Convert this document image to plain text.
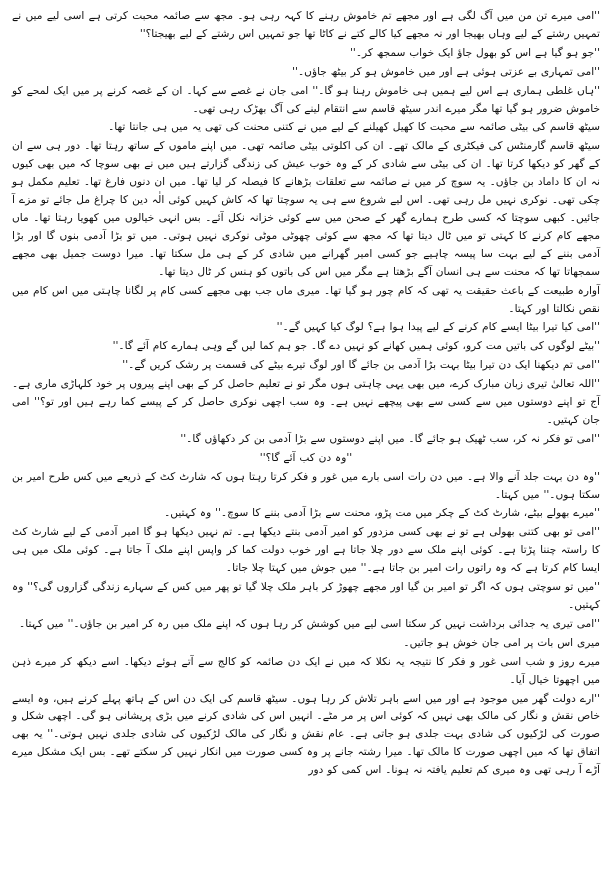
''امی میرے تن من میں آگ لگی ہے اور مجھے تم خاموش رہنے کا کہہ رہی ہو۔ مجھ سے صائمہ محبت کرتی ہے اسی لیے میں نے تمہیں رشتے کے لیے وہاں بھیجا اور نہ مجھے کیا کالے کتے نے کاٹا تھا جو تمہیں اس رشتے کے لیے بھیجتا؟''

''جو ہو گیا ہے اس کو بھول جاؤ ایک خواب سمجھ کر۔''

''امی تمہاری بے عزتی ہوئی ہے اور میں خاموش ہو کر بیٹھ جاؤں۔''

''ہاں غلطی ہماری ہے اس لیے ہمیں ہی خاموش رہنا ہو گا۔'' امی جان نے غصے سے کہا۔ ان کے غصہ کرنے پر میں ایک لمحے کو خاموش ضرور ہو گیا تھا مگر میرے اندر سیٹھ قاسم سے انتقام لینے کی آگ بھڑک رہی تھی۔

سیٹھ قاسم کی بیٹی صائمہ سے محبت کا کھیل کھیلنے کے لیے میں نے کتنی محنت کی تھی یہ میں ہی جانتا تھا۔

سیٹھ قاسم گارمنٹس کی فیکٹری کے مالک تھے۔ ان کی اکلوتی بیٹی صائمہ تھی۔ میں اپنے ماموں کے ساتھ رہتا تھا۔ دور ہی سے ان کے گھر کو دیکھا کرتا تھا۔ ان کی بیٹی سے شادی کر کے وہ خوب عیش کی زندگی گزارتے ہیں میں نے بھی سوچا کہ میں بھی کیوں نہ ان کا داماد بن جاؤں۔ یہ سوچ کر میں نے صائمہ سے تعلقات بڑھانے کا فیصلہ کر لیا تھا۔ میں ان دنوں فارغ تھا۔ تعلیم مکمل ہو چکی تھی۔ نوکری نہیں مل رہی تھی۔ اس لیے شروع سے ہی یہ سوچتا تھا کہ کاش کہیں کوئی الٰہ دین کا چراغ مل جائے تو مزے آ جائیں۔ کبھی سوچتا کہ کسی طرح ہمارے گھر کے صحن میں سے کوئی خزانہ نکل آئے۔ بس انہی خیالوں میں کھویا رہتا تھا۔ ماں مجھے کام کرنے کا کہتی تو میں ٹال دیتا تھا کہ مجھ سے کوئی چھوٹی موٹی نوکری نہیں ہوتی۔ میں تو بڑا آدمی بنوں گا اور بڑا آدمی بننے کے لیے بہت سا پیسہ چاہیے جو کسی امیر گھرانے میں شادی کر کے ہی مل سکتا تھا۔ میرا دوست جمیل بھی مجھے سمجھاتا تھا کہ محنت سے ہی انسان آگے بڑھتا ہے مگر میں اس کی باتوں کو ہنس کر ٹال دیتا تھا۔

آوارہ طبیعت کے باعث حقیقت یہ تھی کہ کام چور ہو گیا تھا۔ میری ماں جب بھی مجھے کسی کام پر لگانا چاہتی میں اس کام میں نقص نکالتا اور کہتا۔

''امی کیا تیرا بیٹا ایسے کام کرنے کے لیے پیدا ہوا ہے؟ لوگ کیا کہیں گے۔''

''بیٹے لوگوں کی باتیں مت کرو، کوئی ہمیں کھانے کو نہیں دے گا۔ جو ہم کما لیں گے وہی ہمارے کام آئے گا۔''

''امی تم دیکھنا ایک دن تیرا بیٹا بہت بڑا آدمی بن جائے گا اور لوگ تیرے بیٹے کی قسمت پر رشک کریں گے۔''

''اللہ تعالیٰ تیری زبان مبارک کرے، میں بھی یہی چاہتی ہوں مگر تو نے تعلیم حاصل کر کے بھی اپنے پیروں پر خود کلہاڑی ماری ہے۔ آج تو اپنے دوستوں میں سے کسی سے بھی پیچھے نہیں ہے۔ وہ سب اچھی نوکری حاصل کر کے پیسے کما رہے ہیں اور تو؟'' امی جان کہتیں۔

''امی تو فکر نہ کر، سب ٹھیک ہو جائے گا۔ میں اپنے دوستوں سے بڑا آدمی بن کر دکھاؤں گا۔''

''وہ دن کب آئے گا؟''

''وہ دن بہت جلد آنے والا ہے۔ میں دن رات اسی بارے میں غور و فکر کرتا رہتا ہوں کہ شارٹ کٹ کے ذریعے میں کس طرح امیر بن سکتا ہوں۔'' میں کہتا۔

''میرے بھولے بیٹے، شارٹ کٹ کے چکر میں مت پڑو، محنت سے بڑا آدمی بننے کا سوچ۔'' وہ کہتیں۔

''امی تو بھی کتنی بھولی ہے تو نے بھی کسی مزدور کو امیر آدمی بنتے دیکھا ہے۔ تم نہیں دیکھا ہو گا امیر آدمی کے لیے شارٹ کٹ کا راستہ چننا پڑتا ہے۔ کوئی اپنے ملک سے دور چلا جاتا ہے اور خوب دولت کما کر واپس اپنے ملک آ جاتا ہے۔ کوئی ملک میں ہی ایسا کام کرتا ہے کہ وہ راتوں رات امیر بن جاتا ہے۔'' میں جوش میں کہتا چلا جاتا۔

''میں تو سوچتی ہوں کہ اگر تو امیر بن گیا اور مجھے چھوڑ کر باہر ملک چلا گیا تو پھر میں کس کے سہارے زندگی گزاروں گی؟'' وہ کہتیں۔

''امی تیری یہ جدائی برداشت نہیں کر سکتا اسی لیے میں کوشش کر رہا ہوں کہ اپنے ملک میں رہ کر امیر بن جاؤں۔'' میں کہتا۔

میری اس بات پر امی جان خوش ہو جاتیں۔

میرے روز و شب اسی غور و فکر کا نتیجہ یہ نکلا کہ میں نے ایک دن صائمہ کو کالج سے آتے ہوئے دیکھا۔ اسے دیکھ کر میرے ذہن میں اچھوتا خیال آیا۔

''ارے دولت گھر میں موجود ہے اور میں اسے باہر تلاش کر رہا ہوں۔ سیٹھ قاسم کی ایک دن اس کے ہاتھ پہلے کرنے ہیں، وہ ایسے خاص نقش و نگار کی مالک بھی نہیں کہ کوئی اس پر مر مٹے۔ انہیں اس کی شادی کرنے میں بڑی پریشانی ہو گی۔ اچھی شکل و صورت کی لڑکیوں کی شادی بہت جلدی ہو جاتی ہے۔ عام نقش و نگار کی مالک لڑکیوں کی شادی جلدی نہیں ہوتی۔'' یہ بھی اتفاق تھا کہ میں اچھی صورت کا مالک تھا۔ میرا رشتہ جانے پر وہ کسی صورت میں انکار نہیں کر سکتے تھے۔ بس ایک مشکل میرے آڑے آ رہی تھی وہ میری کم تعلیم یافتہ نہ ہونا۔ اس کمی کو دور
